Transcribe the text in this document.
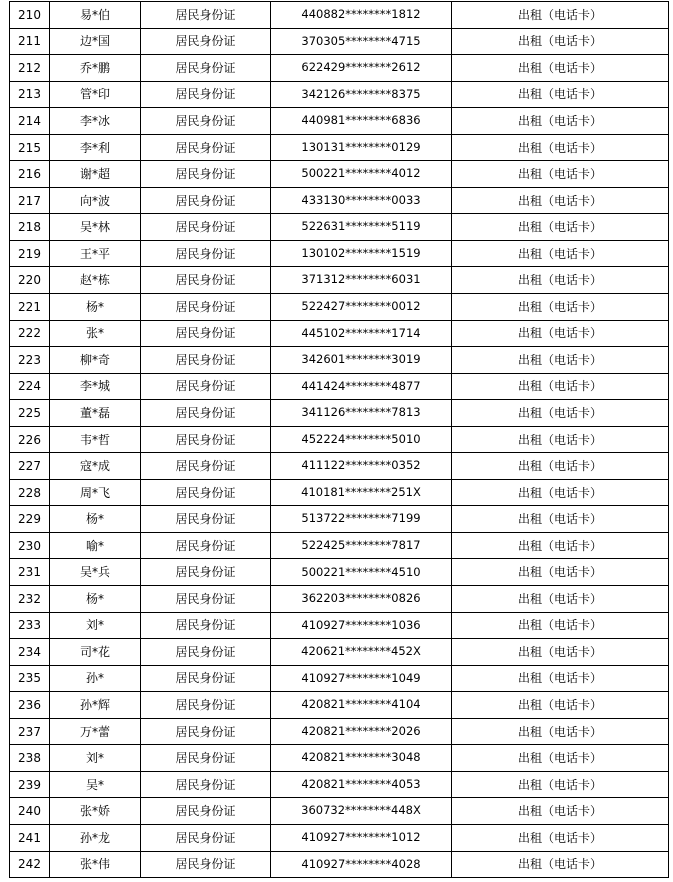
210	易*伯	居民身份证	440882********1812	出租（电话卡）
211	边*国	居民身份证	370305********4715	出租（电话卡）
212	乔*鹏	居民身份证	622429********2612	出租（电话卡）
213	管*印	居民身份证	342126********8375	出租（电话卡）
214	李*冰	居民身份证	440981********6836	出租（电话卡）
215	李*利	居民身份证	130131********0129	出租（电话卡）
216	谢*超	居民身份证	500221********4012	出租（电话卡）
217	向*波	居民身份证	433130********0033	出租（电话卡）
218	吴*林	居民身份证	522631********5119	出租（电话卡）
219	王*平	居民身份证	130102********1519	出租（电话卡）
220	赵*栋	居民身份证	371312********6031	出租（电话卡）
221	杨*	居民身份证	522427********0012	出租（电话卡）
222	张*	居民身份证	445102********1714	出租（电话卡）
223	柳*奇	居民身份证	342601********3019	出租（电话卡）
224	李*城	居民身份证	441424********4877	出租（电话卡）
225	董*磊	居民身份证	341126********7813	出租（电话卡）
226	韦*哲	居民身份证	452224********5010	出租（电话卡）
227	寇*成	居民身份证	411122********0352	出租（电话卡）
228	周*飞	居民身份证	410181********251X	出租（电话卡）
229	杨*	居民身份证	513722********7199	出租（电话卡）
230	喻*	居民身份证	522425********7817	出租（电话卡）
231	吴*兵	居民身份证	500221********4510	出租（电话卡）
232	杨*	居民身份证	362203********0826	出租（电话卡）
233	刘*	居民身份证	410927********1036	出租（电话卡）
234	司*花	居民身份证	420621********452X	出租（电话卡）
235	孙*	居民身份证	410927********1049	出租（电话卡）
236	孙*辉	居民身份证	420821********4104	出租（电话卡）
237	万*蕾	居民身份证	420821********2026	出租（电话卡）
238	刘*	居民身份证	420821********3048	出租（电话卡）
239	吴*	居民身份证	420821********4053	出租（电话卡）
240	张*娇	居民身份证	360732********448X	出租（电话卡）
241	孙*龙	居民身份证	410927********1012	出租（电话卡）
242	张*伟	居民身份证	410927********4028	出租（电话卡）
